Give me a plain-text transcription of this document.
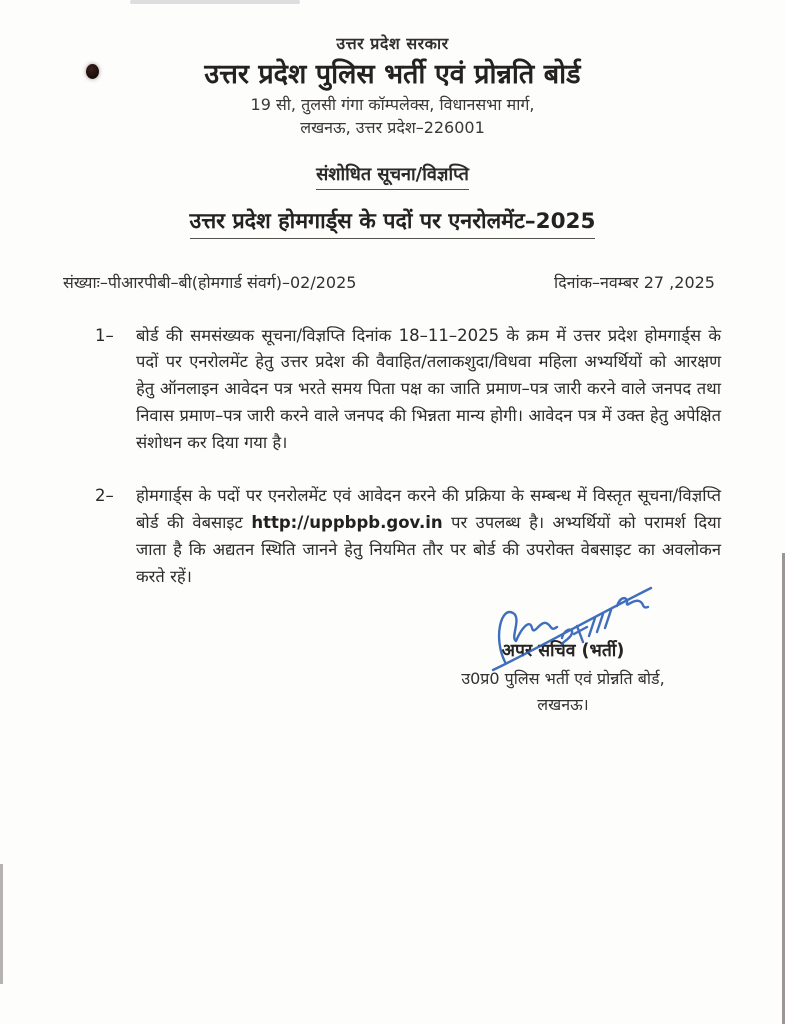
उत्तर प्रदेश सरकार
उत्तर प्रदेश पुलिस भर्ती एवं प्रोन्नति बोर्ड
19 सी, तुलसी गंगा कॉम्पलेक्स, विधानसभा मार्ग,
लखनऊ, उत्तर प्रदेश–226001
संशोधित सूचना/विज्ञप्ति
उत्तर प्रदेश होमगार्ड्स के पदों पर एनरोलमेंट–2025
संख्याः–पीआरपीबी–बी(होमगार्ड संवर्ग)–02/2025	दिनांक–नवम्बर 27 ,2025
1–	बोर्ड की समसंख्यक सूचना/विज्ञप्ति दिनांक 18–11–2025 के क्रम में उत्तर प्रदेश होमगार्ड्स के पदों पर एनरोलमेंट हेतु उत्तर प्रदेश की वैवाहित/तलाकशुदा/विधवा महिला अभ्यर्थियों को आरक्षण हेतु ऑनलाइन आवेदन पत्र भरते समय पिता पक्ष का जाति प्रमाण–पत्र जारी करने वाले जनपद तथा निवास प्रमाण–पत्र जारी करने वाले जनपद की भिन्नता मान्य होगी। आवेदन पत्र में उक्त हेतु अपेक्षित संशोधन कर दिया गया है।
2–	होमगार्ड्स के पदों पर एनरोलमेंट एवं आवेदन करने की प्रक्रिया के सम्बन्ध में विस्तृत सूचना/विज्ञप्ति बोर्ड की वेबसाइट http://uppbpb.gov.in पर उपलब्ध है। अभ्यर्थियों को परामर्श दिया जाता है कि अद्यतन स्थिति जानने हेतु नियमित तौर पर बोर्ड की उपरोक्त वेबसाइट का अवलोकन करते रहें।
अपर सचिव (भर्ती)
उ0प्र0 पुलिस भर्ती एवं प्रोन्नति बोर्ड,
लखनऊ।
